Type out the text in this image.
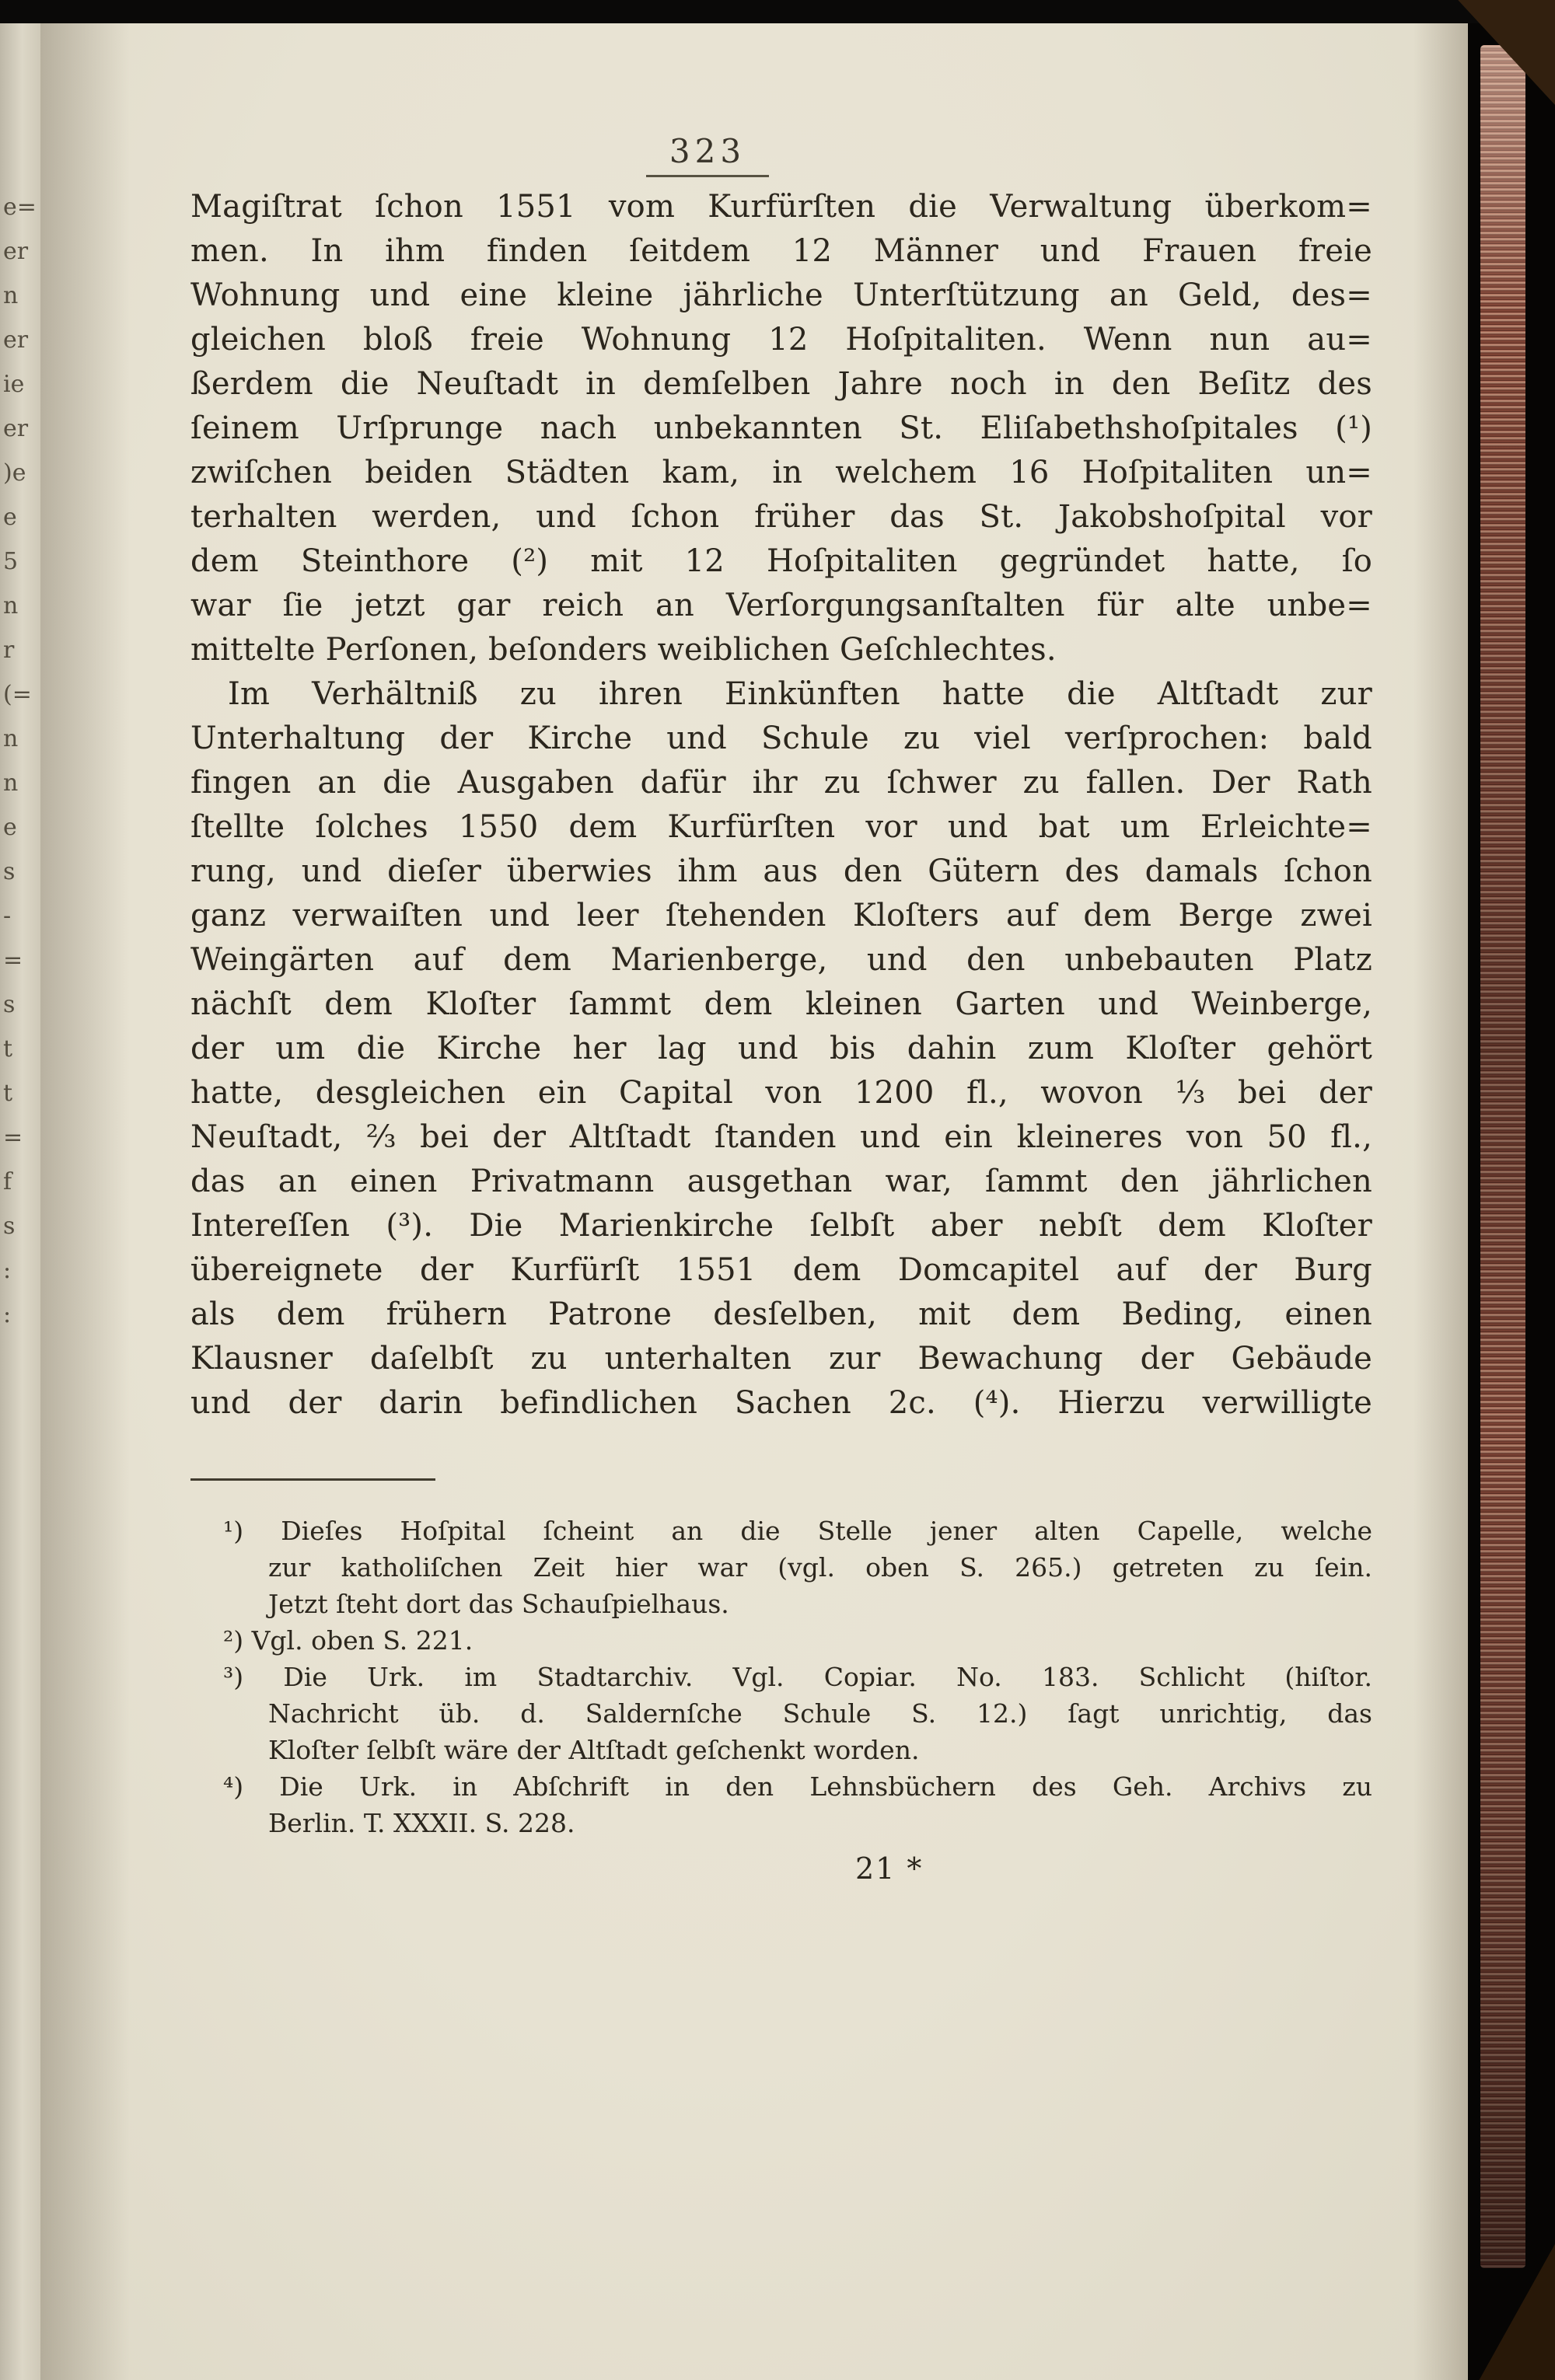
e=
er
n
er
ie
er
)e
e
5
n
r
(=
n
n
e
s
-
=
s
t
t
=
f
s
:
:
323
Magiſtrat ſchon 1551 vom Kurfürſten die Verwaltung überkom=
men. In ihm finden ſeitdem 12 Männer und Frauen freie
Wohnung und eine kleine jährliche Unterſtützung an Geld, des=
gleichen bloß freie Wohnung 12 Hoſpitaliten. Wenn nun au=
ßerdem die Neuſtadt in demſelben Jahre noch in den Beſitz des
ſeinem Urſprunge nach unbekannten St. Eliſabethshoſpitales (¹)
zwiſchen beiden Städten kam, in welchem 16 Hoſpitaliten un=
terhalten werden, und ſchon früher das St. Jakobshoſpital vor
dem Steinthore (²) mit 12 Hoſpitaliten gegründet hatte, ſo
war ſie jetzt gar reich an Verſorgungsanſtalten für alte unbe=
mittelte Perſonen, beſonders weiblichen Geſchlechtes.
Im Verhältniß zu ihren Einkünften hatte die Altſtadt zur
Unterhaltung der Kirche und Schule zu viel verſprochen: bald
fingen an die Ausgaben dafür ihr zu ſchwer zu fallen. Der Rath
ſtellte ſolches 1550 dem Kurfürſten vor und bat um Erleichte=
rung, und dieſer überwies ihm aus den Gütern des damals ſchon
ganz verwaiſten und leer ſtehenden Kloſters auf dem Berge zwei
Weingärten auf dem Marienberge, und den unbebauten Platz
nächſt dem Kloſter ſammt dem kleinen Garten und Weinberge,
der um die Kirche her lag und bis dahin zum Kloſter gehört
hatte, desgleichen ein Capital von 1200 fl., wovon ⅓ bei der
Neuſtadt, ⅔ bei der Altſtadt ſtanden und ein kleineres von 50 fl.,
das an einen Privatmann ausgethan war, ſammt den jährlichen
Intereſſen (³). Die Marienkirche ſelbſt aber nebſt dem Kloſter
übereignete der Kurfürſt 1551 dem Domcapitel auf der Burg
als dem frühern Patrone desſelben, mit dem Beding, einen
Klausner daſelbſt zu unterhalten zur Bewachung der Gebäude
und der darin befindlichen Sachen 2c. (⁴). Hierzu verwilligte
¹) Dieſes Hoſpital ſcheint an die Stelle jener alten Capelle, welche
zur katholiſchen Zeit hier war (vgl. oben S. 265.) getreten zu ſein.
Jetzt ſteht dort das Schauſpielhaus.
²) Vgl. oben S. 221.
³) Die Urk. im Stadtarchiv. Vgl. Copiar. No. 183. Schlicht (hiſtor.
Nachricht üb. d. Saldernſche Schule S. 12.) ſagt unrichtig, das
Kloſter ſelbſt wäre der Altſtadt geſchenkt worden.
⁴) Die Urk. in Abſchrift in den Lehnsbüchern des Geh. Archivs zu
Berlin. T. XXXII. S. 228.
21 *
